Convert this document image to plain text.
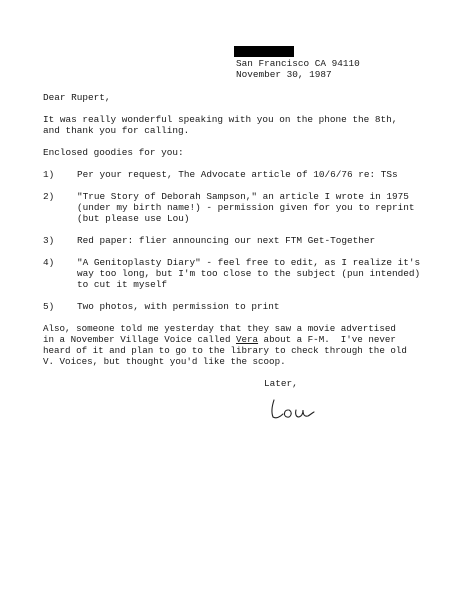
San Francisco CA 94110

November 30, 1987

Dear Rupert,

It was really wonderful speaking with you on the phone the 8th,

and thank you for calling.

Enclosed goodies for you:

1) Per your request, The Advocate article of 10/6/76 re: TSs

2) "True Story of Deborah Sampson," an article I wrote in 1975

(under my birth name!) - permission given for you to reprint

(but please use Lou)

3) Red paper: flier announcing our next FTM Get-Together

4) "A Genitoplasty Diary" - feel free to edit, as I realize it's

way too long, but I'm too close to the subject (pun intended)

to cut it myself

5) Two photos, with permission to print

Also, someone told me yesterday that they saw a movie advertised

in a November Village Voice called Vera about a F-M.  I've never

heard of it and plan to go to the library to check through the old

V. Voices, but thought you'd like the scoop.

Later,
